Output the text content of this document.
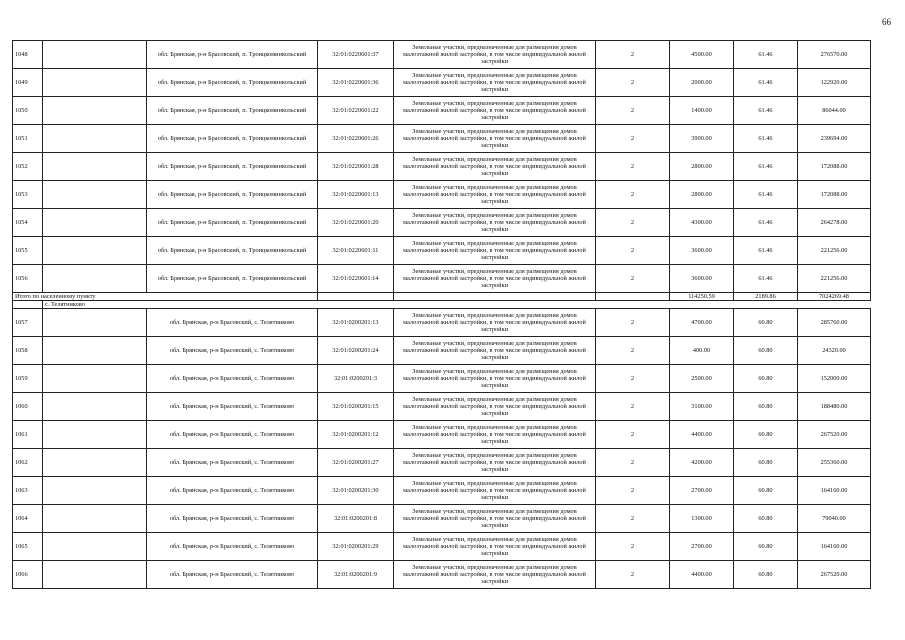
66
1048		обл. Брянская, р-н Брасовский, п. Троицкоминкольский	32:01:0220601:37	Земельные участки, предназначенные для размещения домов малоэтажной жилой застройки, в том числе индивидуальной жилой застройки	2	4500.00	61.46	276570.00
1049		обл. Брянская, р-н Брасовский, п. Троицкоминкольский	32:01:0220601:36	Земельные участки, предназначенные для размещения домов малоэтажной жилой застройки, в том числе индивидуальной жилой застройки	2	2000.00	61.46	122920.00
1050		обл. Брянская, р-н Брасовский, п. Троицкоминкольский	32:01:0220601:22	Земельные участки, предназначенные для размещения домов малоэтажной жилой застройки, в том числе индивидуальной жилой застройки	2	1400.00	61.46	86044.00
1051		обл. Брянская, р-н Брасовский, п. Троицкоминкольский	32:01:0220601:26	Земельные участки, предназначенные для размещения домов малоэтажной жилой застройки, в том числе индивидуальной жилой застройки	2	3900.00	61.46	239694.00
1052		обл. Брянская, р-н Брасовский, п. Троицкоминкольский	32:01:0220601:28	Земельные участки, предназначенные для размещения домов малоэтажной жилой застройки, в том числе индивидуальной жилой застройки	2	2800.00	61.46	172088.00
1053		обл. Брянская, р-н Брасовский, п. Троицкоминкольский	32:01:0220601:13	Земельные участки, предназначенные для размещения домов малоэтажной жилой застройки, в том числе индивидуальной жилой застройки	2	2800.00	61.46	172088.00
1054		обл. Брянская, р-н Брасовский, п. Троицкоминкольский	32:01:0220601:20	Земельные участки, предназначенные для размещения домов малоэтажной жилой застройки, в том числе индивидуальной жилой застройки	2	4300.00	61.46	264278.00
1055		обл. Брянская, р-н Брасовский, п. Троицкоминкольский	32:01:0220601:11	Земельные участки, предназначенные для размещения домов малоэтажной жилой застройки, в том числе индивидуальной жилой застройки	2	3600.00	61.46	221256.00
1056		обл. Брянская, р-н Брасовский, п. Троицкоминкольский	32:01:0220601:14	Земельные участки, предназначенные для размещения домов малоэтажной жилой застройки, в том числе индивидуальной жилой застройки	2	3600.00	61.46	221256.00
Итого по населенному пункту						114250.59	2189.86	7024269.48
	с. Телятниково							
1057		обл. Брянская, р-н Брасовский, с. Телятниково	32:01:0200201:13	Земельные участки, предназначенные для размещения домов малоэтажной жилой застройки, в том числе индивидуальной жилой застройки	2	4700.00	60.80	285760.00
1058		обл. Брянская, р-н Брасовский, с. Телятниково	32:01:0200201:24	Земельные участки, предназначенные для размещения домов малоэтажной жилой застройки, в том числе индивидуальной жилой застройки	2	400.00	60.80	24320.00
1059		обл. Брянская, р-н Брасовский, с. Телятниково	32:01:0200201:3	Земельные участки, предназначенные для размещения домов малоэтажной жилой застройки, в том числе индивидуальной жилой застройки	2	2500.00	60.80	152000.00
1060		обл. Брянская, р-н Брасовский, с. Телятниково	32:01:0200201:15	Земельные участки, предназначенные для размещения домов малоэтажной жилой застройки, в том числе индивидуальной жилой застройки	2	3100.00	60.80	188480.00
1061		обл. Брянская, р-н Брасовский, с. Телятниково	32:01:0200201:12	Земельные участки, предназначенные для размещения домов малоэтажной жилой застройки, в том числе индивидуальной жилой застройки	2	4400.00	60.80	267520.00
1062		обл. Брянская, р-н Брасовский, с. Телятниково	32:01:0200201:27	Земельные участки, предназначенные для размещения домов малоэтажной жилой застройки, в том числе индивидуальной жилой застройки	2	4200.00	60.80	255360.00
1063		обл. Брянская, р-н Брасовский, с. Телятниково	32:01:0200201:30	Земельные участки, предназначенные для размещения домов малоэтажной жилой застройки, в том числе индивидуальной жилой застройки	2	2700.00	60.80	164160.00
1064		обл. Брянская, р-н Брасовский, с. Телятниково	32:01:0200201:8	Земельные участки, предназначенные для размещения домов малоэтажной жилой застройки, в том числе индивидуальной жилой застройки	2	1300.00	60.80	79040.00
1065		обл. Брянская, р-н Брасовский, с. Телятниково	32:01:0200201:29	Земельные участки, предназначенные для размещения домов малоэтажной жилой застройки, в том числе индивидуальной жилой застройки	2	2700.00	60.80	164160.00
1066		обл. Брянская, р-н Брасовский, с. Телятниково	32:01:0200201:9	Земельные участки, предназначенные для размещения домов малоэтажной жилой застройки, в том числе индивидуальной жилой застройки	2	4400.00	60.80	267520.00
